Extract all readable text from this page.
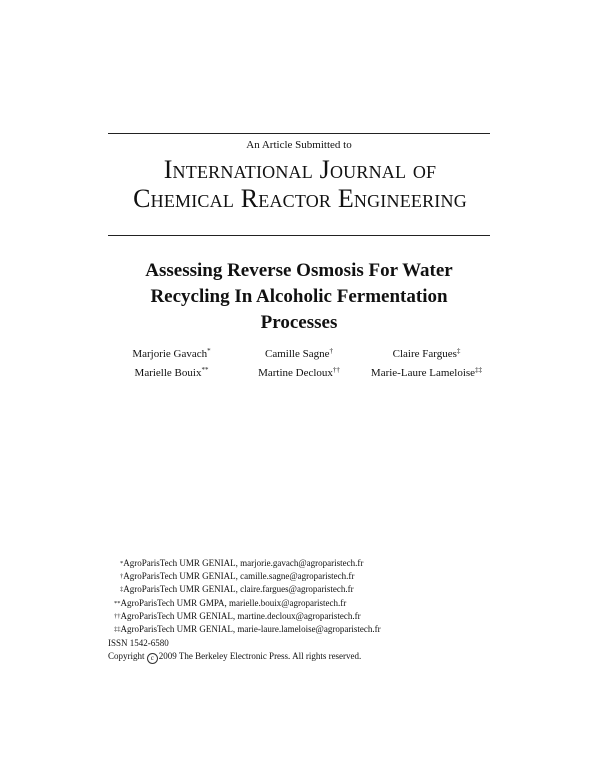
An Article Submitted to
International Journal of
Chemical Reactor Engineering
Assessing Reverse Osmosis For Water
Recycling In Alcoholic Fermentation
Processes
Marjorie Gavach*	Camille Sagne†	Claire Fargues‡
Marielle Bouix**	Martine Decloux††	Marie-Laure Lameloise‡‡
*AgroParisTech UMR GENIAL, marjorie.gavach@agroparistech.fr
†AgroParisTech UMR GENIAL, camille.sagne@agroparistech.fr
‡AgroParisTech UMR GENIAL, claire.fargues@agroparistech.fr
**AgroParisTech UMR GMPA, marielle.bouix@agroparistech.fr
††AgroParisTech UMR GENIAL, martine.decloux@agroparistech.fr
‡‡AgroParisTech UMR GENIAL, marie-laure.lameloise@agroparistech.fr
ISSN 1542-6580
Copyright c 2009 The Berkeley Electronic Press. All rights reserved.
